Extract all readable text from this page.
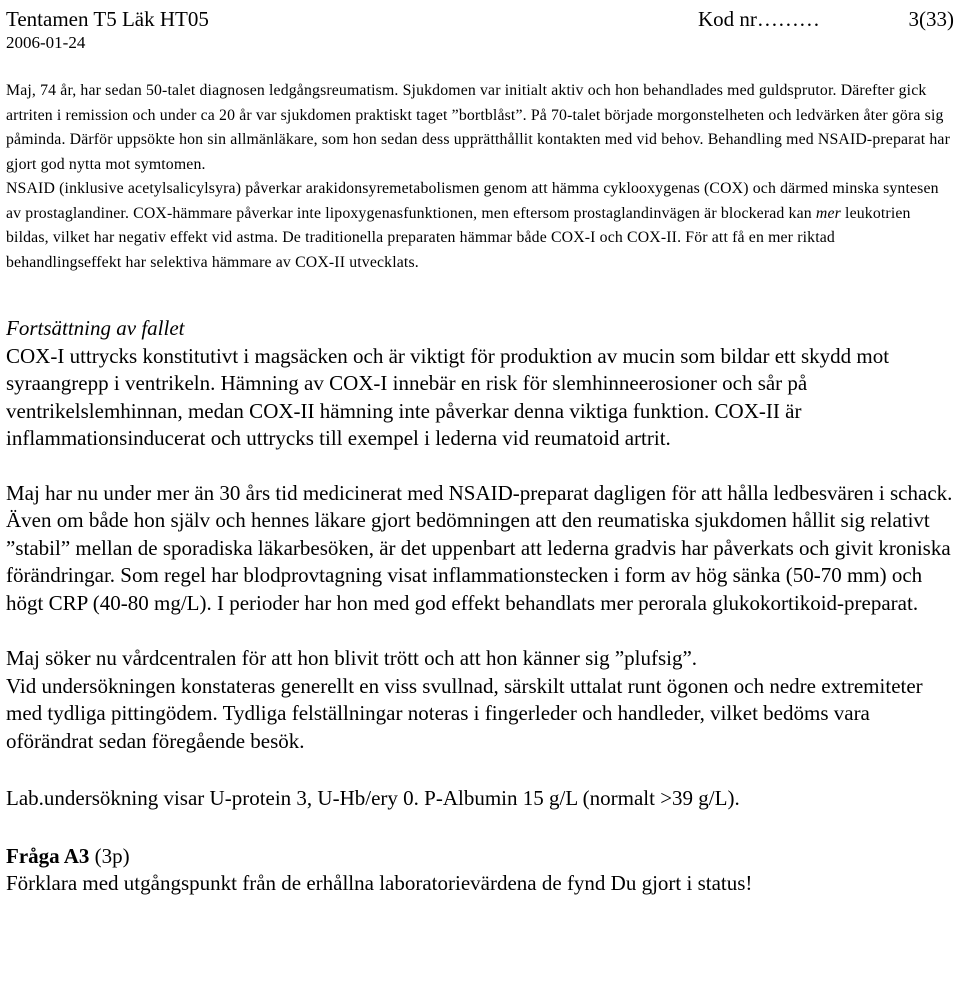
Tentamen T5 Läk HT05	Kod nr………	3(33)
2006-01-24

Maj, 74 år, har sedan 50-talet diagnosen ledgångsreumatism. Sjukdomen var initialt aktiv och hon behandlades med guldsprutor. Därefter gick artriten i remission och under ca 20 år var sjukdomen praktiskt taget ”bortblåst”. På 70-talet började morgonstelheten och ledvärken åter göra sig påminda. Därför uppsökte hon sin allmänläkare, som hon sedan dess upprätthållit kontakten med vid behov. Behandling med NSAID-preparat har gjort god nytta mot symtomen.

NSAID (inklusive acetylsalicylsyra) påverkar arakidonsyremetabolismen genom att hämma cyklooxygenas (COX) och därmed minska syntesen av prostaglandiner. COX-hämmare påverkar inte lipoxygenasfunktionen, men eftersom prostaglandinvägen är blockerad kan mer leukotrien bildas, vilket har negativ effekt vid astma. De traditionella preparaten hämmar både COX-I och COX-II. För att få en mer riktad behandlingseffekt har selektiva hämmare av COX-II utvecklats.

Fortsättning av fallet

COX-I uttrycks konstitutivt i magsäcken och är viktigt för produktion av mucin som bildar ett skydd mot syraangrepp i ventrikeln. Hämning av COX-I innebär en risk för slemhinneerosioner och sår på ventrikelslemhinnan, medan COX-II hämning inte påverkar denna viktiga funktion. COX-II är inflammationsinducerat och uttrycks till exempel i lederna vid reumatoid artrit.

Maj har nu under mer än 30 års tid medicinerat med NSAID-preparat dagligen för att hålla ledbesvären i schack. Även om både hon själv och hennes läkare gjort bedömningen att den reumatiska sjukdomen hållit sig relativt ”stabil” mellan de sporadiska läkarbesöken, är det uppenbart att lederna gradvis har påverkats och givit kroniska förändringar. Som regel har blodprovtagning visat inflammationstecken i form av hög sänka (50-70 mm) och högt CRP (40-80 mg/L). I perioder har hon med god effekt behandlats mer perorala glukokortikoid-preparat.

Maj söker nu vårdcentralen för att hon blivit trött och att hon känner sig ”plufsig”.

Vid undersökningen konstateras generellt en viss svullnad, särskilt uttalat runt ögonen och nedre extremiteter med tydliga pittingödem. Tydliga felställningar noteras i fingerleder och handleder, vilket bedöms vara oförändrat sedan föregående besök.

Lab.undersökning visar U-protein 3, U-Hb/ery 0. P-Albumin 15 g/L (normalt >39 g/L).

Fråga A3 (3p)

Förklara med utgångspunkt från de erhållna laboratorievärdena de fynd Du gjort i status!
